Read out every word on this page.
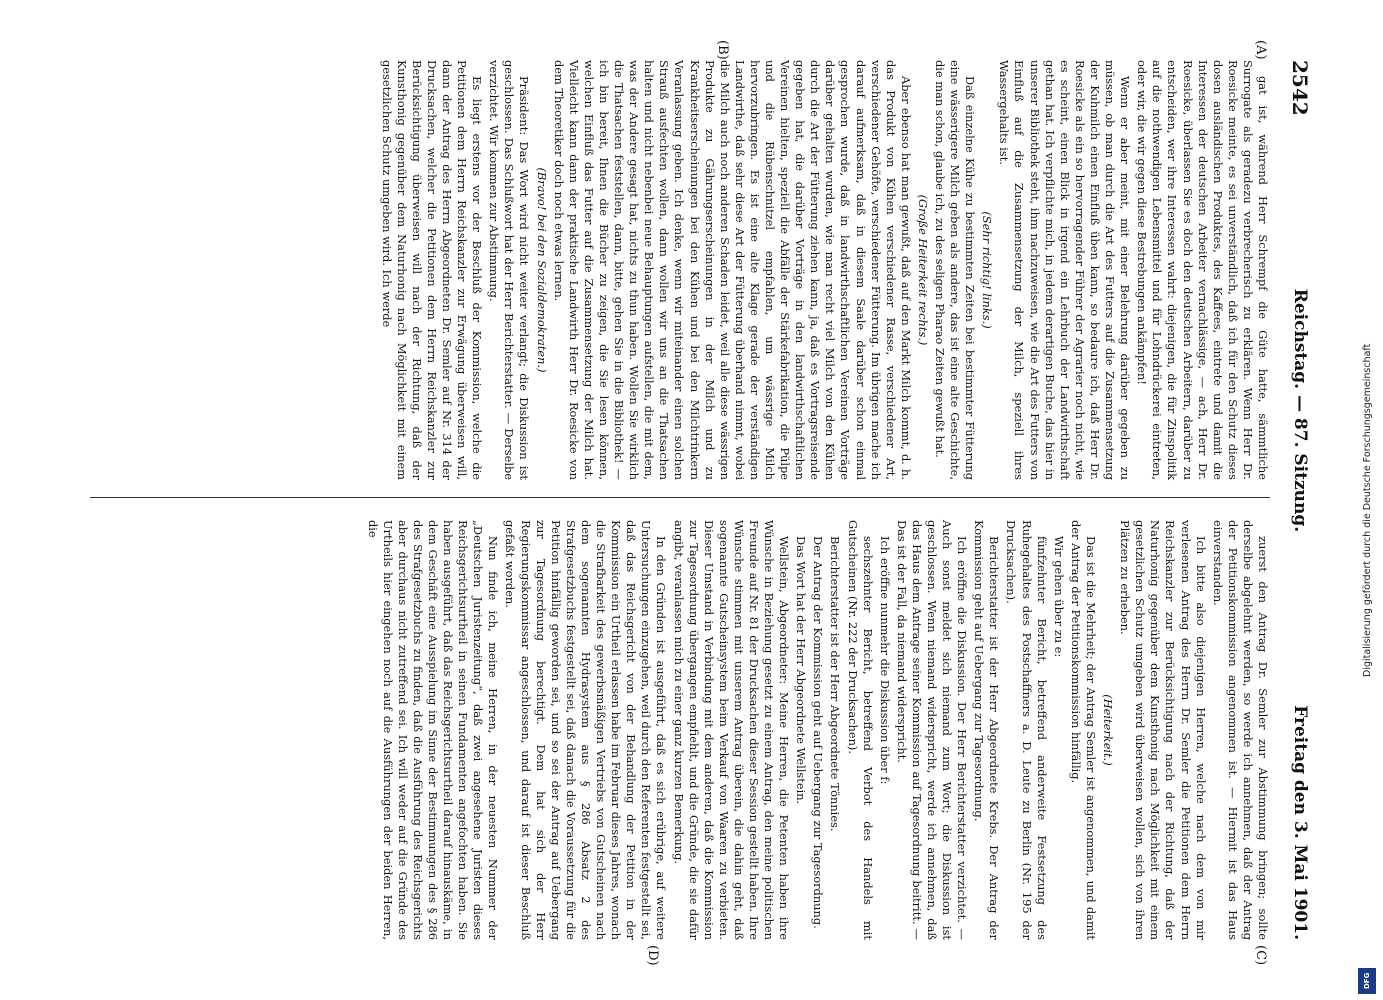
2542
Reichstag. — 87. Sitzung.
Freitag den 3. Mai 1901.
(A)
(B)
(C)
(D)

gat ist, während Herr Schrempf die Güte hatte, sämmtliche Surrogate als geradezu verbrecherisch zu erklären. Wenn Herr Dr. Roesicke meinte, es sei unverständlich, daß ich für den Schutz dieses dosen ausländischen Produktes, des Kaffees, eintrete und damit die Interessen der deutschen Arbeiter vernachlässige, — ach, Herr Dr. Roesicke, überlassen Sie es doch den deutschen Arbeitern, darüber zu entscheiden, wer ihre Interessen wahrt: diejenigen, die für Zinspolitik auf die nothwendigen Lebensmittel und für Lohndrückerei eintreten, oder wir, die wir gegen diese Bestrebungen ankämpfen!

Wenn er aber meint, mit einer Belehrung darüber gegeben zu müssen, ob man durch die Art des Futters auf die Zusammensetzung der Kuhmilch einen Einfluß üben kann, so bedaure ich, daß Herr Dr. Roesicke als ein so hervorragender Führer der Agrarier noch nicht, wie es scheint, einen Blick in irgend ein Lehrbuch der Landwirthschaft gethan hat. Ich verpflichte mich, in jedem derartigen Buche, das hier in unserer Bibliothek steht, ihm nachzuweisen, wie die Art des Futters von Einfluß auf die Zusammensetzung der Milch, speziell ihres Wassergehalts ist.

(Sehr richtig! links.)

Daß einzelne Kühe zu bestimmten Zeiten bei bestimmter Fütterung eine wässerigere Milch geben als andere, das ist eine alte Geschichte, die man schon, glaube ich, zu des seligen Pharao Zeiten gewußt hat.

(Große Heiterkeit rechts.)

Aber ebenso hat man gewußt, daß auf den Markt Milch kommt, d. h. das Produkt von Kühen verschiedener Rasse, verschiedener Art, verschiedener Gehöfte, verschiedener Fütterung. Im übrigen mache ich darauf aufmerksam, daß in diesem Saale darüber schon einmal gesprochen wurde, daß in landwirthschaftlichen Vereinen Vorträge darüber gehalten wurden, wie man recht viel Milch von den Kühen durch die Art der Fütterung ziehen kann, ja, daß es Vortragsreisende gegeben hat, die darüber Vorträge in den landwirthschaftlichen Vereinen hielten, speziell die Abfälle der Stärkefabrikation, die Pülpe und die Rübenschnitzel empfahlen, um wässrige Milch hervorzubringen. Es ist eine alte Klage gerade der verständigen Landwirthe, daß sehr diese Art der Fütterung überhand nimmt, wobei die Milch auch noch anderen Schaden leidet, weil alle diese wässrigen Produkte zu Gährungserscheinungen in der Milch und zu Krankheitserscheinungen bei den Kühen und bei den Milchtrinkern Veranlassung geben. Ich denke, wenn wir miteinander einen solchen Strauß ausfechten wollen, dann wollen wir uns an die Thatsachen halten und nicht nebenbei neue Behauptungen aufstellen, die mit dem, was der Andere gesagt hat, nichts zu thun haben. Wollen Sie wirklich die Thatsachen feststellen, dann, bitte, gehen Sie in die Bibliothek! — ich bin bereit, Ihnen die Bücher zu zeigen, die Sie lesen können, welchen Einfluß das Futter auf die Zusammensetzung der Milch hat. Vielleicht kann dann der praktische Landwirth Herr Dr. Roesicke von dem Theoretiker doch noch etwas lernen.

(Bravo! bei den Sozialdemokraten.)

Präsident: Das Wort wird nicht weiter verlangt; die Diskussion ist geschlossen. Das Schlußwort hat der Herr Berichterstatter. — Derselbe verzichtet. Wir kommen zur Abstimmung.

Es liegt erstens vor der Beschluß der Kommission, welche die Petitionen dem Herrn Reichskanzler zur Erwägung überweisen will, dann der Antrag des Herrn Abgeordneten Dr. Semler auf Nr. 314 der Drucksachen, welcher die Petitionen dem Herrn Reichskanzler zur Berücksichtigung überweisen will nach der Richtung, daß der Kunsthonig gegenüber dem Naturhonig nach Möglichkeit mit einem gesetzlichen Schutz umgeben wird. Ich werde

zuerst den Antrag Dr. Semler zur Abstimmung bringen; sollte derselbe abgelehnt werden, so werde ich annehmen, daß der Antrag der Petitionskommission angenommen ist. — Hiermit ist das Haus einverstanden.

Ich bitte also diejenigen Herren, welche nach dem von mir verlesenen Antrag des Herrn Dr. Semler die Petitionen dem Herrn Reichskanzler zur Berücksichtigung nach der Richtung, daß der Naturhonig gegenüber dem Kunsthonig nach Möglichkeit mit einem gesetzlichen Schutz umgeben wird überweisen wollen, sich von ihren Plätzen zu erheben.

(Heiterkeit.)

Das ist die Mehrheit; der Antrag Semler ist angenommen, und damit der Antrag der Petitionskommission hinfällig.

Wir gehen über zu e:

fünfzehnter Bericht, betreffend anderweite Festsetzung des Ruhegehaltes des Postschaffners a. D. Leute zu Berlin (Nr. 195 der Drucksachen).

Berichterstatter ist der Herr Abgeordnete Krebs. Der Antrag der Kommission geht auf Uebergang zur Tagesordnung.

Ich eröffne die Diskussion. Der Herr Berichterstatter verzichtet. — Auch sonst meldet sich niemand zum Wort; die Diskussion ist geschlossen. Wenn niemand widerspricht, werde ich annehmen, daß das Haus dem Antrage seiner Kommission auf Tagesordnung beitritt. — Das ist der Fall, da niemand widerspricht.

Ich eröffne nunmehr die Diskussion über f:

sechszehnter Bericht, betreffend Verbot des Handels mit Gutscheinen (Nr. 222 der Drucksachen).

Berichterstatter ist der Herr Abgeordnete Tönnies.

Der Antrag der Kommission geht auf Uebergang zur Tagesordnung.

Das Wort hat der Herr Abgeordnete Wellstein.

Wellstein, Abgeordneter: Meine Herren, die Petenten haben ihre Wünsche in Beziehung gesetzt zu einem Antrag, den meine politischen Freunde auf Nr. 81 der Drucksachen dieser Session gestellt haben. Ihre Wünsche stimmen mit unserem Antrag überein, die dahin geht, daß sogenannte Gutscheinsystem beim Verkauf von Waaren zu verbieten. Dieser Umstand in Verbindung mit dem anderen, daß die Kommission zur Tagesordnung übergangen empfiehlt, und die Gründe, die sie dafür angibt, veranlassen mich zu einer ganz kurzen Bemerkung.

In den Gründen ist ausgeführt, daß es sich erübrige, auf weitere Untersuchungen einzugehen, weil durch den Referenten festgestellt sei, daß das Reichsgericht von der Behandlung der Petition in der Kommission ein Urtheil erlassen habe im Februar dieses Jahres, wonach die Strafbarkeit des gewerbsmäßigen Vertriebs von Gutscheinen nach dem sogenannten Hydrasystem aus § 286 Absatz 2 des Strafgesetzbuchs festgestellt sei, daß danach die Voraussetzung für die Petition hinfällig geworden sei, und so sei der Antrag auf Uebergang zur Tagesordnung berechtigt. Dem hat sich der Herr Regierungskommissar angeschlossen, und darauf ist dieser Beschluß gefaßt worden.

Nun finde ich, meine Herren, in der neuesten Nummer der „Deutschen Juristenzeitung“, daß zwei angesehene Juristen dieses Reichsgerichtsurtheil in seinen Fundamenten angefochten haben. Sie haben ausgeführt, daß das Reichsgerichtsurtheil darauf hinauskäme, in dem Geschäft eine Ausspielung im Sinne der Bestimmungen des § 286 des Strafgesetzbuchs zu finden, daß die Ausführung des Reichsgerichts aber durchaus nicht zutreffend sei. Ich will weder auf die Gründe des Urtheils hier eingehen noch auf die Ausführungen der beiden Herren, die	Digitalisierung gefördert durch die Deutsche Forschungsgemeinschaft
DFG
